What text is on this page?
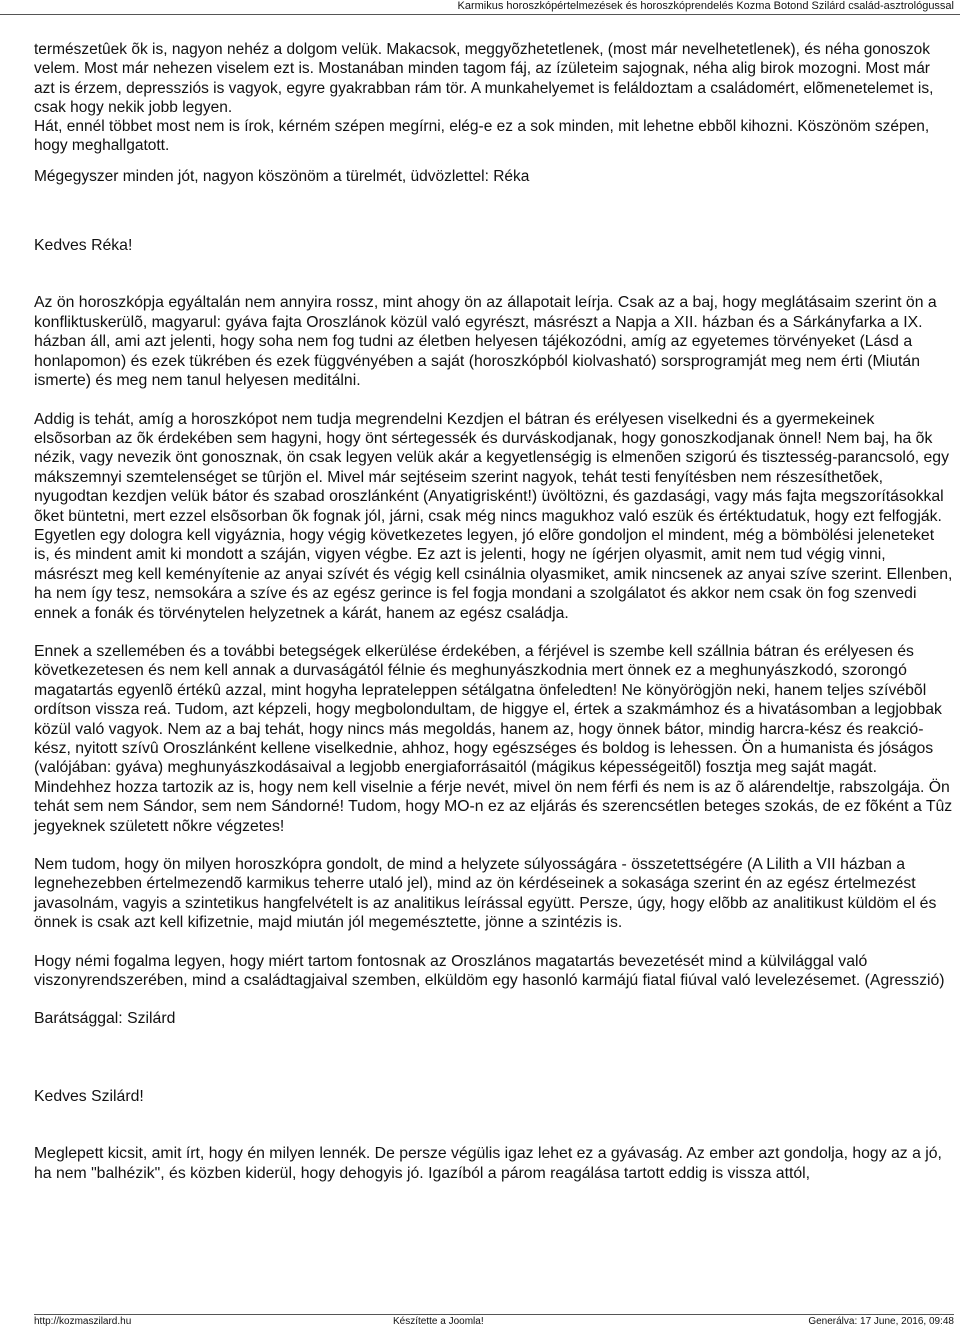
Karmikus horoszkópértelmezések és horoszkóprendelés Kozma Botond Szilárd család-asztrológussal

természetûek õk is, nagyon nehéz a dolgom velük. Makacsok, meggyõzhetetlenek, (most már nevelhetetlenek), és néha gonoszok velem. Most már nehezen viselem ezt is. Mostanában minden tagom fáj, az ízületeim sajognak, néha alig birok mozogni. Most már azt is érzem, depressziós is vagyok, egyre gyakrabban rám tör. A munkahelyemet is feláldoztam a családomért, elõmenetelemet is, csak hogy nekik jobb legyen.

Hát, ennél többet most nem is írok, kérném szépen megírni, elég-e ez a sok minden, mit lehetne ebbõl kihozni. Köszönöm szépen, hogy meghallgatott.

Mégegyszer minden jót, nagyon köszönöm a türelmét, üdvözlettel: Réka

Kedves Réka!

Az ön horoszkópja egyáltalán nem annyira rossz, mint ahogy ön az állapotait leírja. Csak az a baj, hogy meglátásaim szerint ön a konfliktuskerülõ, magyarul: gyáva fajta Oroszlánok közül való egyrészt, másrészt a Napja a XII. házban és a Sárkányfarka a IX. házban áll, ami azt jelenti, hogy soha nem fog tudni az életben helyesen tájékozódni, amíg az egyetemes törvényeket (Lásd a honlapomon) és ezek tükrében és ezek függvényében a saját (horoszkópból kiolvasható) sorsprogramját meg nem érti (Miután ismerte) és meg nem tanul helyesen meditálni.

Addig is tehát, amíg a horoszkópot nem tudja megrendelni Kezdjen el bátran és erélyesen viselkedni és a gyermekeinek elsõsorban az õk érdekében sem hagyni, hogy önt sértegessék és durváskodjanak, hogy gonoszkodjanak önnel! Nem baj, ha õk nézik, vagy nevezik önt gonosznak, ön csak legyen velük akár a kegyetlenségig is elmenõen szigorú és tisztesség-parancsoló, egy mákszemnyi szemtelenséget se tûrjön el. Mivel már sejtéseim szerint nagyok, tehát testi fenyítésben nem részesíthetõek, nyugodtan kezdjen velük bátor és szabad oroszlánként (Anyatigrisként!) üvöltözni, és gazdasági, vagy más fajta megszorításokkal õket büntetni, mert ezzel elsõsorban õk fognak jól, járni, csak még nincs magukhoz való eszük és értéktudatuk, hogy ezt felfogják. Egyetlen egy dologra kell vigyáznia, hogy végig következetes legyen, jó elõre gondoljon el mindent, még a bömbölési jeleneteket is, és mindent amit ki mondott a száján, vigyen végbe. Ez azt is jelenti, hogy ne ígérjen olyasmit, amit nem tud végig vinni, másrészt meg kell keményítenie az anyai szívét és végig kell csinálnia olyasmiket, amik nincsenek az anyai szíve szerint. Ellenben, ha nem így tesz, nemsokára a szíve és az egész gerince is fel fogja mondani a szolgálatot és akkor nem csak ön fog szenvedi ennek a fonák és törvénytelen helyzetnek a kárát, hanem az egész családja.

Ennek a szellemében és a további betegségek elkerülése érdekében, a férjével is szembe kell szállnia bátran és erélyesen és következetesen és nem kell annak a durvaságától félnie és meghunyászkodnia mert önnek ez a meghunyászkodó, szorongó magatartás egyenlõ értékû azzal, mint hogyha leprateleppen sétálgatna önfeledten! Ne könyörögjön neki, hanem teljes szívébõl ordítson vissza reá. Tudom, azt képzeli, hogy megbolondultam, de higgye el, értek a szakmámhoz és a hivatásomban a legjobbak közül való vagyok. Nem az a baj tehát, hogy nincs más megoldás, hanem az, hogy önnek bátor, mindig harcra-kész és reakció-kész, nyitott szívû Oroszlánként kellene viselkednie, ahhoz, hogy egészséges és boldog is lehessen. Ön a humanista és jóságos (valójában: gyáva) meghunyászkodásaival a legjobb energiaforrásaitól (mágikus képességeitõl) fosztja meg saját magát. Mindehhez hozza tartozik az is, hogy nem kell viselnie a férje nevét, mivel ön nem férfi és nem is az õ alárendeltje, rabszolgája. Ön tehát sem nem Sándor, sem nem Sándorné! Tudom, hogy MO-n ez az eljárás és szerencsétlen beteges szokás, de ez fõként a Tûz jegyeknek született nõkre végzetes!

Nem tudom, hogy ön milyen horoszkópra gondolt, de mind a helyzete súlyosságára - összetettségére (A Lilith a VII házban a legnehezebben értelmezendõ karmikus teherre utaló jel), mind az ön kérdéseinek a sokasága szerint én az egész értelmezést javasolnám, vagyis a szintetikus hangfelvételt is az analitikus leírással együtt. Persze, úgy, hogy elõbb az analitikust küldöm el és önnek is csak azt kell kifizetnie, majd miután jól megemésztette, jönne a szintézis is.

Hogy némi fogalma legyen, hogy miért tartom fontosnak az Oroszlános magatartás bevezetését mind a külvilággal való viszonyrendszerében, mind a családtagjaival szemben, elküldöm egy hasonló karmájú fiatal fiúval való levelezésemet. (Agresszió)

Barátsággal: Szilárd

Kedves Szilárd!

Meglepett kicsit, amit írt, hogy én milyen lennék. De persze végülis igaz lehet ez a gyávaság. Az ember azt gondolja, hogy az a jó, ha nem "balhézik", és közben kiderül, hogy dehogyis jó. Igazíból a párom reagálása tartott eddig is vissza attól,

http://kozmaszilard.hu	Készítette a Joomla!	Generálva: 17 June, 2016, 09:48
